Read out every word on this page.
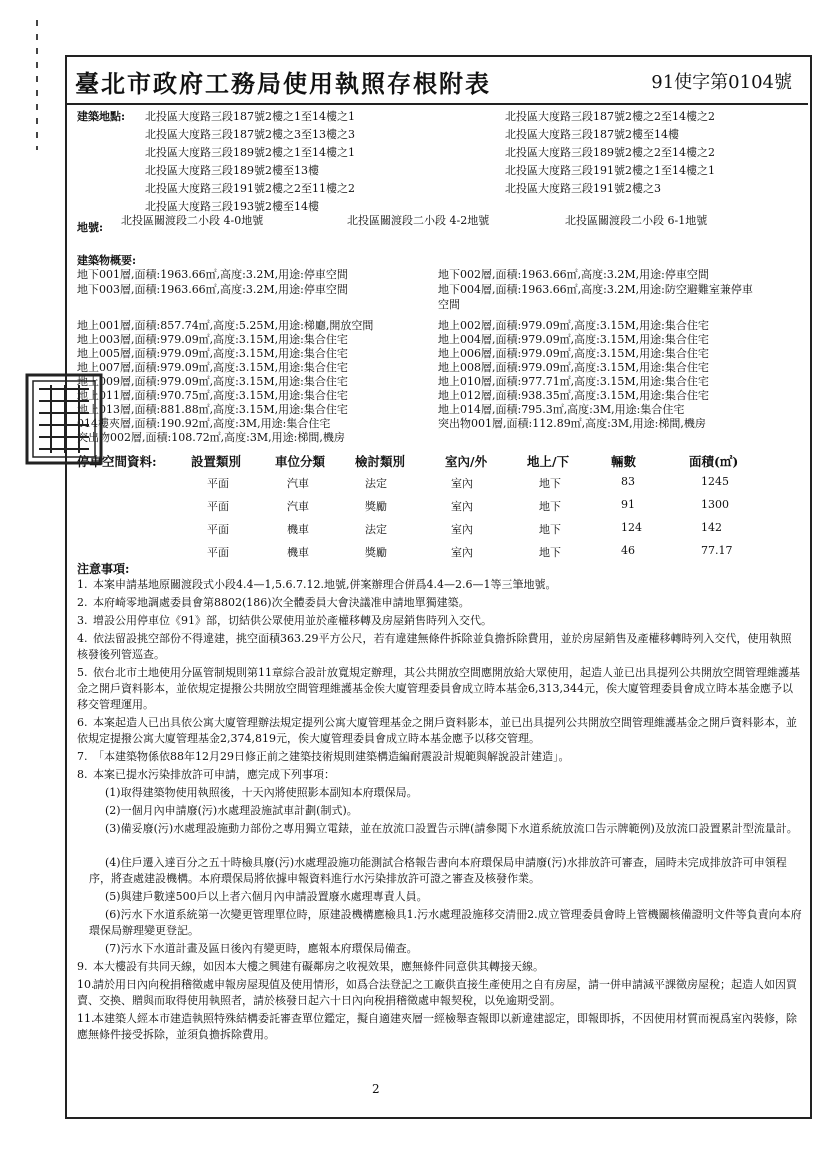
臺北市政府工務局使用執照存根附表	91使字第0104號
建築地點: 北投區大度路三段187號2樓之1至14樓之1
北投區大度路三段187號2樓之3至13樓之3
北投區大度路三段189號2樓之1至14樓之1
北投區大度路三段189號2樓至13樓
北投區大度路三段191號2樓之2至11樓之2
北投區大度路三段193號2樓至14樓
北投區大度路三段187號2樓之2至14樓之2
北投區大度路三段187號2樓至14樓
北投區大度路三段189號2樓之2至14樓之2
北投區大度路三段191號2樓之1至14樓之1
北投區大度路三段191號2樓之3
地號:
北投區關渡段二小段 4-0地號	北投區關渡段二小段 4-2地號	北投區關渡段二小段 6-1地號
建築物概要:
地下001層,面積:1963.66㎡,高度:3.2M,用途:停車空間
地下003層,面積:1963.66㎡,高度:3.2M,用途:停車空間
地下002層,面積:1963.66㎡,高度:3.2M,用途:停車空間
地下004層,面積:1963.66㎡,高度:3.2M,用途:防空避難室兼停車
空間
地上001層,面積:857.74㎡,高度:5.25M,用途:梯廳,開放空間
地上003層,面積:979.09㎡,高度:3.15M,用途:集合住宅
地上005層,面積:979.09㎡,高度:3.15M,用途:集合住宅
地上007層,面積:979.09㎡,高度:3.15M,用途:集合住宅
地上009層,面積:979.09㎡,高度:3.15M,用途:集合住宅
地上011層,面積:970.75㎡,高度:3.15M,用途:集合住宅
地上013層,面積:881.88㎡,高度:3.15M,用途:集合住宅
014樓夾層,面積:190.92㎡,高度:3M,用途:集合住宅
突出物002層,面積:108.72㎡,高度:3M,用途:梯間,機房
地上002層,面積:979.09㎡,高度:3.15M,用途:集合住宅
地上004層,面積:979.09㎡,高度:3.15M,用途:集合住宅
地上006層,面積:979.09㎡,高度:3.15M,用途:集合住宅
地上008層,面積:979.09㎡,高度:3.15M,用途:集合住宅
地上010層,面積:977.71㎡,高度:3.15M,用途:集合住宅
地上012層,面積:938.35㎡,高度:3.15M,用途:集合住宅
地上014層,面積:795.3㎡,高度:3M,用途:集合住宅
突出物001層,面積:112.89㎡,高度:3M,用途:梯間,機房
停車空間資料:	設置類別	車位分類 檢討類別	室內/外	地上/下	輛數	面積(㎡)
平面	汽車	法定	室內	地下	83	1245
平面	汽車	獎勵	室內	地下	91	1300
平面	機車	法定	室內	地下	124	142
平面	機車	獎勵	室內	地下	46	77.17
注意事項:
1. 本案申請基地原關渡段式小段4.4—1,5.6.7.12.地號,併案辦理合併爲4.4—2.6—1等三筆地號。
2. 本府崎零地調處委員會第8802(186)次全體委員大會決議准申請地單獨建築。
3. 增設公用停車位《91》部，切結供公眾使用並於產權移轉及房屋銷售時列入交代。
4. 依法留設挑空部份不得違建，挑空面積363.29平方公尺，若有違建無條件拆除並負擔拆除費用，並於房屋銷售及產權移轉時列入交代，使用執照核發後列管巡查。
5. 依台北市土地使用分區管制規則第11章綜合設計放寬規定辦理，其公共開放空間應開放給大眾使用，起造人並已出具提列公共開放空間管理維護基金之開戶資料影本，並依規定提撥公共開放空間管理維護基金俟大廈管理委員會成立時本基金6,313,344元，俟大廈管理委員會成立時本基金應予以移交管理運用。
6. 本案起造人已出具依公寓大廈管理辦法規定提列公寓大廈管理基金之開戶資料影本，並已出具提列公共開放空間管理維護基金之開戶資料影本，並依規定提撥公寓大廈管理基金2,374,819元，俟大廈管理委員會成立時本基金應予以移交管理。
7. 「本建築物係依88年12月29日修正前之建築技術規則建築構造編耐震設計規範與解說設計建造」。
8. 本案已提水污染排放許可申請，應完成下列事項：
(1)取得建築物使用執照後，十天內將使照影本副知本府環保局。
(2)一個月內申請廢(污)水處理設施試車計劃(制式)。
(3)備妥廢(污)水處理設施動力部份之專用獨立電錶，並在放流口設置告示牌(請參閱下水道系統放流口告示牌範例)及放流口設置累計型流量計。
(4)住戶遷入達百分之五十時檢具廢(污)水處理設施功能測試合格報告書向本府環保局申請廢(污)水排放許可審查，屆時未完成排放許可申領程序，將查處建設機構。本府環保局將依據申報資料進行水污染排放許可證之審查及核發作業。
(5)與建戶數達500戶以上者六個月內申請設置廢水處理專責人員。
(6)污水下水道系統第一次變更管理單位時，原建設機構應檢具1.污水處理設施移交清冊2.成立管理委員會時上管機關核備證明文件等負責向本府環保局辦理變更登記。
(7)污水下水道計畫及區日後內有變更時，應報本府環保局備查。
9. 本大樓設有共同天線，如因本大樓之興建有礙鄰房之收視效果，應無條件同意供其轉接天線。
10.請於用日內向稅捐稽徵處申報房屋現值及使用情形，如爲合法登記之工廠供直接生產使用之自有房屋，請一併申請減平課徵房屋稅；起造人如因買賣、交換、贈與而取得使用執照者，請於核發日起六十日內向稅捐稽徵處申報契稅，以免逾期受罰。
11.本建築人經本市建造執照特殊結構委託審查單位鑑定，擬自適建夾層一經檢舉查報即以新違建認定，即報即拆，不因使用材質而視爲室內裝修，除應無條件接受拆除，並須負擔拆除費用。
2
